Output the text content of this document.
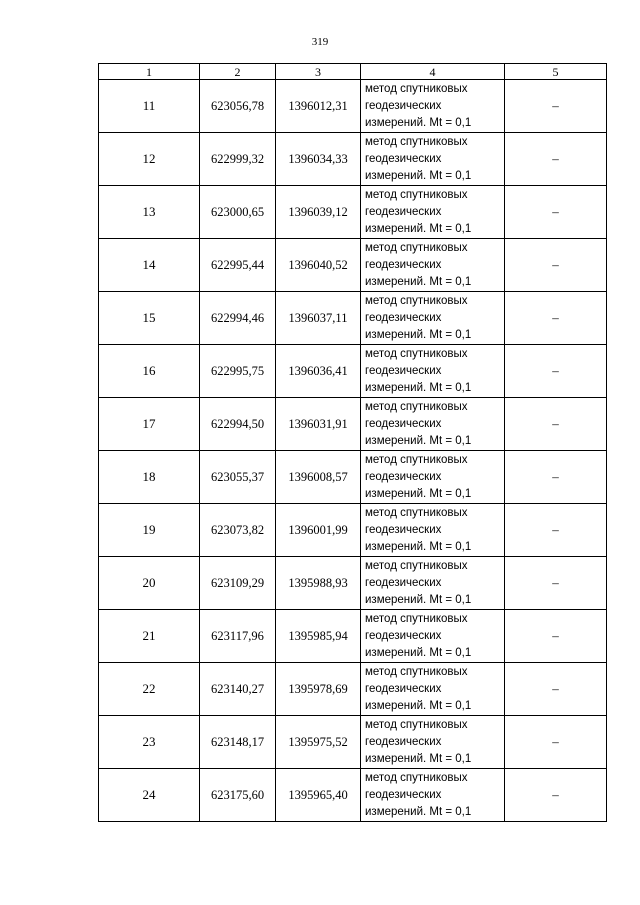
319
1	2	3	4	5
11	623056,78	1396012,31	метод спутниковых
геодезических
измерений. Mt = 0,1	–
12	622999,32	1396034,33	метод спутниковых
геодезических
измерений. Mt = 0,1	–
13	623000,65	1396039,12	метод спутниковых
геодезических
измерений. Mt = 0,1	–
14	622995,44	1396040,52	метод спутниковых
геодезических
измерений. Mt = 0,1	–
15	622994,46	1396037,11	метод спутниковых
геодезических
измерений. Mt = 0,1	–
16	622995,75	1396036,41	метод спутниковых
геодезических
измерений. Mt = 0,1	–
17	622994,50	1396031,91	метод спутниковых
геодезических
измерений. Mt = 0,1	–
18	623055,37	1396008,57	метод спутниковых
геодезических
измерений. Mt = 0,1	–
19	623073,82	1396001,99	метод спутниковых
геодезических
измерений. Mt = 0,1	–
20	623109,29	1395988,93	метод спутниковых
геодезических
измерений. Mt = 0,1	–
21	623117,96	1395985,94	метод спутниковых
геодезических
измерений. Mt = 0,1	–
22	623140,27	1395978,69	метод спутниковых
геодезических
измерений. Mt = 0,1	–
23	623148,17	1395975,52	метод спутниковых
геодезических
измерений. Mt = 0,1	–
24	623175,60	1395965,40	метод спутниковых
геодезических
измерений. Mt = 0,1	–
